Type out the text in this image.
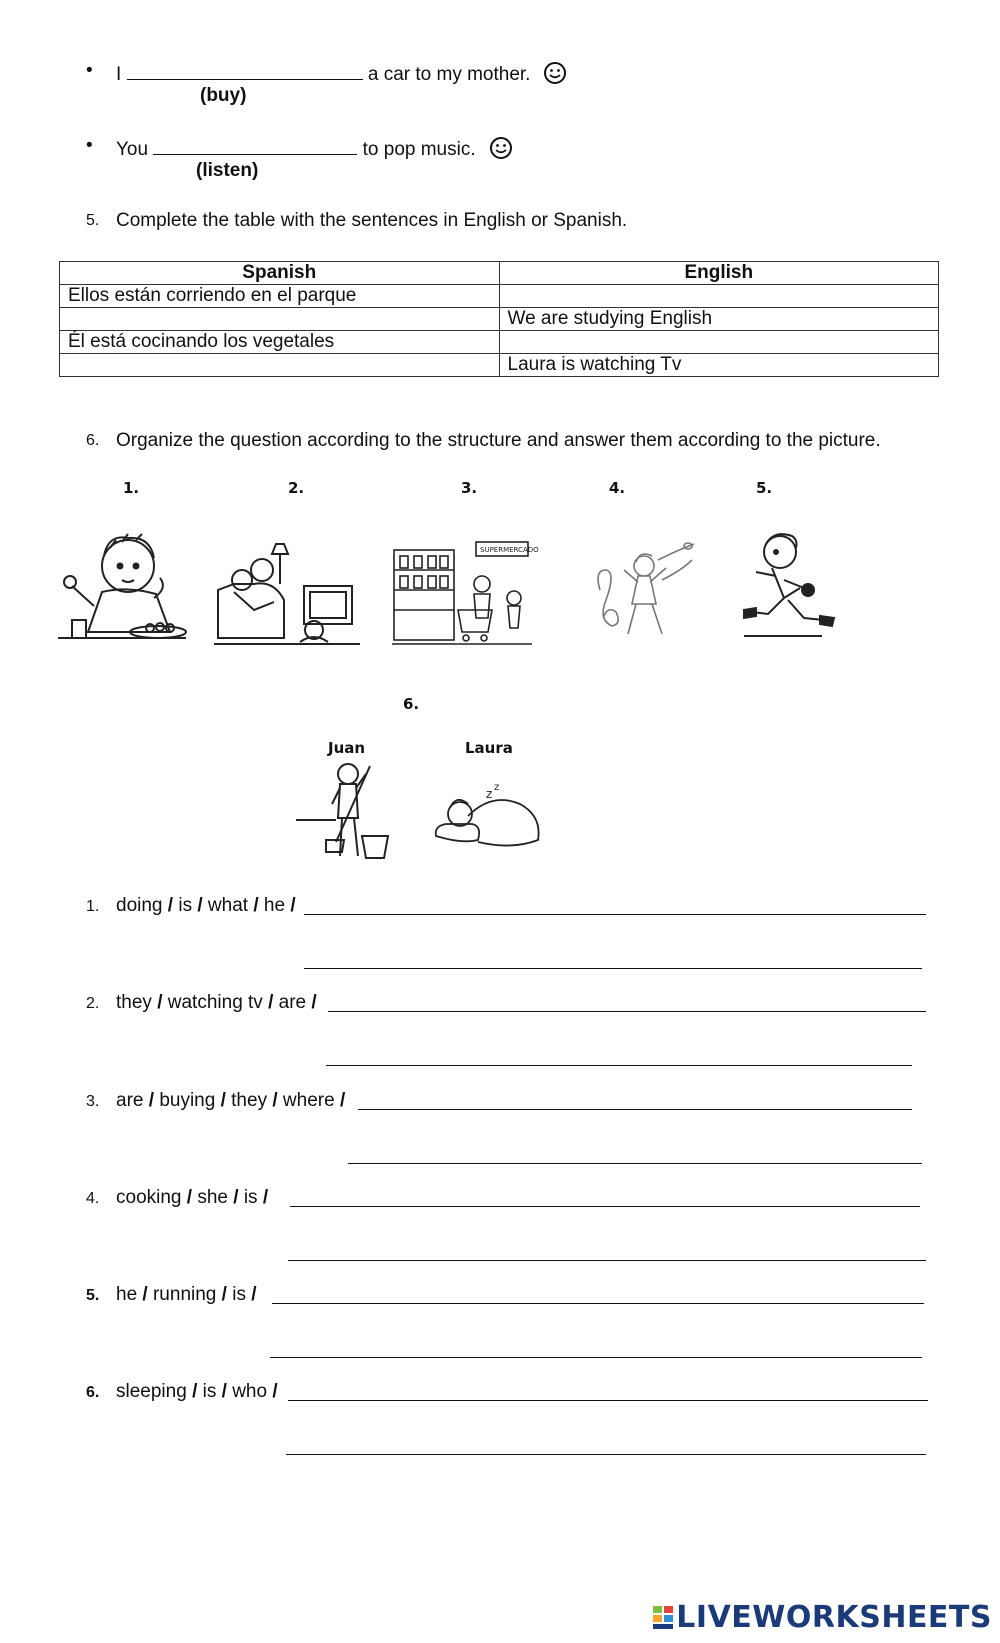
• I	a car to my mother.
(buy)
• You	to pop music.
(listen)
5. Complete the table with the sentences in English or Spanish.
Spanish	English
Ellos están corriendo en el parque	
	We are studying English
Él está cocinando los vegetales	
	Laura is watching Tv
6. Organize the question according to the structure and answer them according to the picture.
1.	2.	3.	4.	5.
SUPERMERCADO
6.
Juan	Laura
z z
1. doing / is / what / he /
2. they / watching tv / are /
3. are / buying / they / where /
4. cooking / she / is /
5. he / running / is /
6. sleeping / is / who /
LIVEWORKSHEETS
